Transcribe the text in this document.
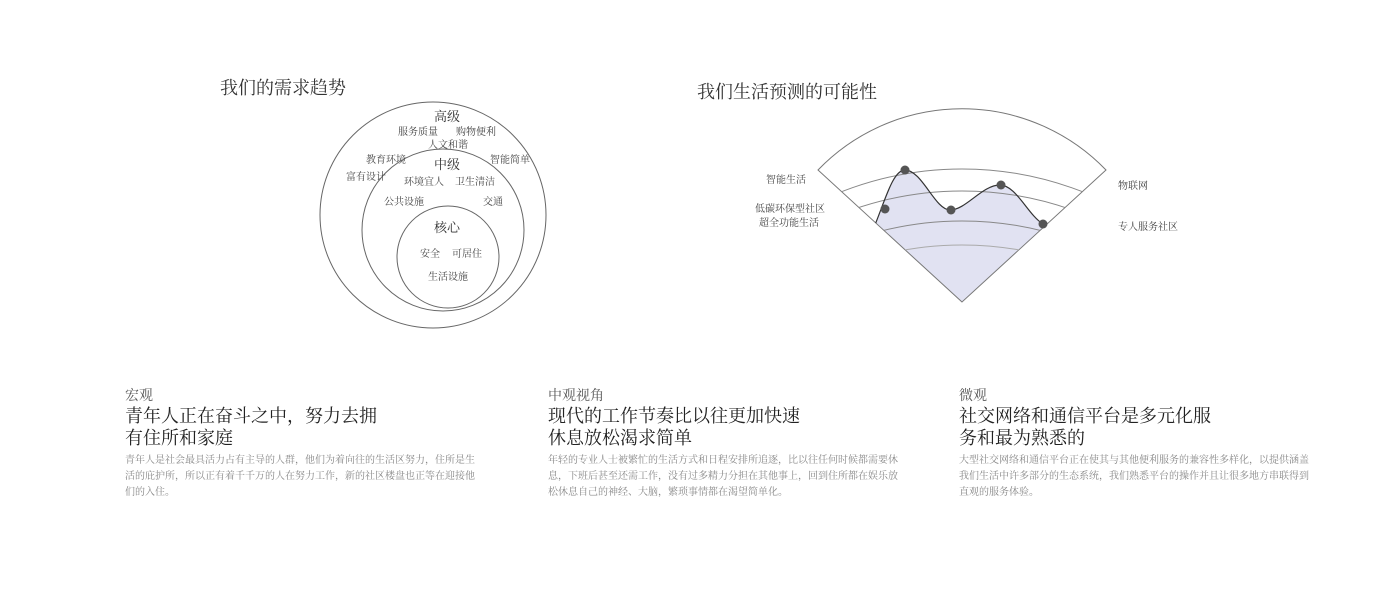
我们的需求趋势
高级
服务质量 购物便利
人文和谐
教育环境	智能简单
富有设计
中级
环境宜人 卫生清洁
公共设施	交通
核心
安全 可居住
生活设施
我们生活预测的可能性
智能生活
低碳环保型社区
超全功能生活
物联网
专人服务社区
宏观
青年人正在奋斗之中，努力去拥
有住所和家庭
青年人是社会最具活力占有主导的人群，他们为着向往的生活区努力，住所是生活的庇护所，所以正有着千千万的人在努力工作，新的社区楼盘也正等在迎接他们的入住。
中观视角
现代的工作节奏比以往更加快速
休息放松渴求简单
年轻的专业人士被繁忙的生活方式和日程安排所追逐，比以往任何时候都需要休息，下班后甚至还需工作，没有过多精力分担在其他事上，回到住所都在娱乐放松休息自己的神经、大脑，繁琐事情都在渴望简单化。
微观
社交网络和通信平台是多元化服
务和最为熟悉的
大型社交网络和通信平台正在使其与其他便利服务的兼容性多样化，以提供涵盖我们生活中许多部分的生态系统，我们熟悉平台的操作并且让很多地方串联得到直观的服务体验。
